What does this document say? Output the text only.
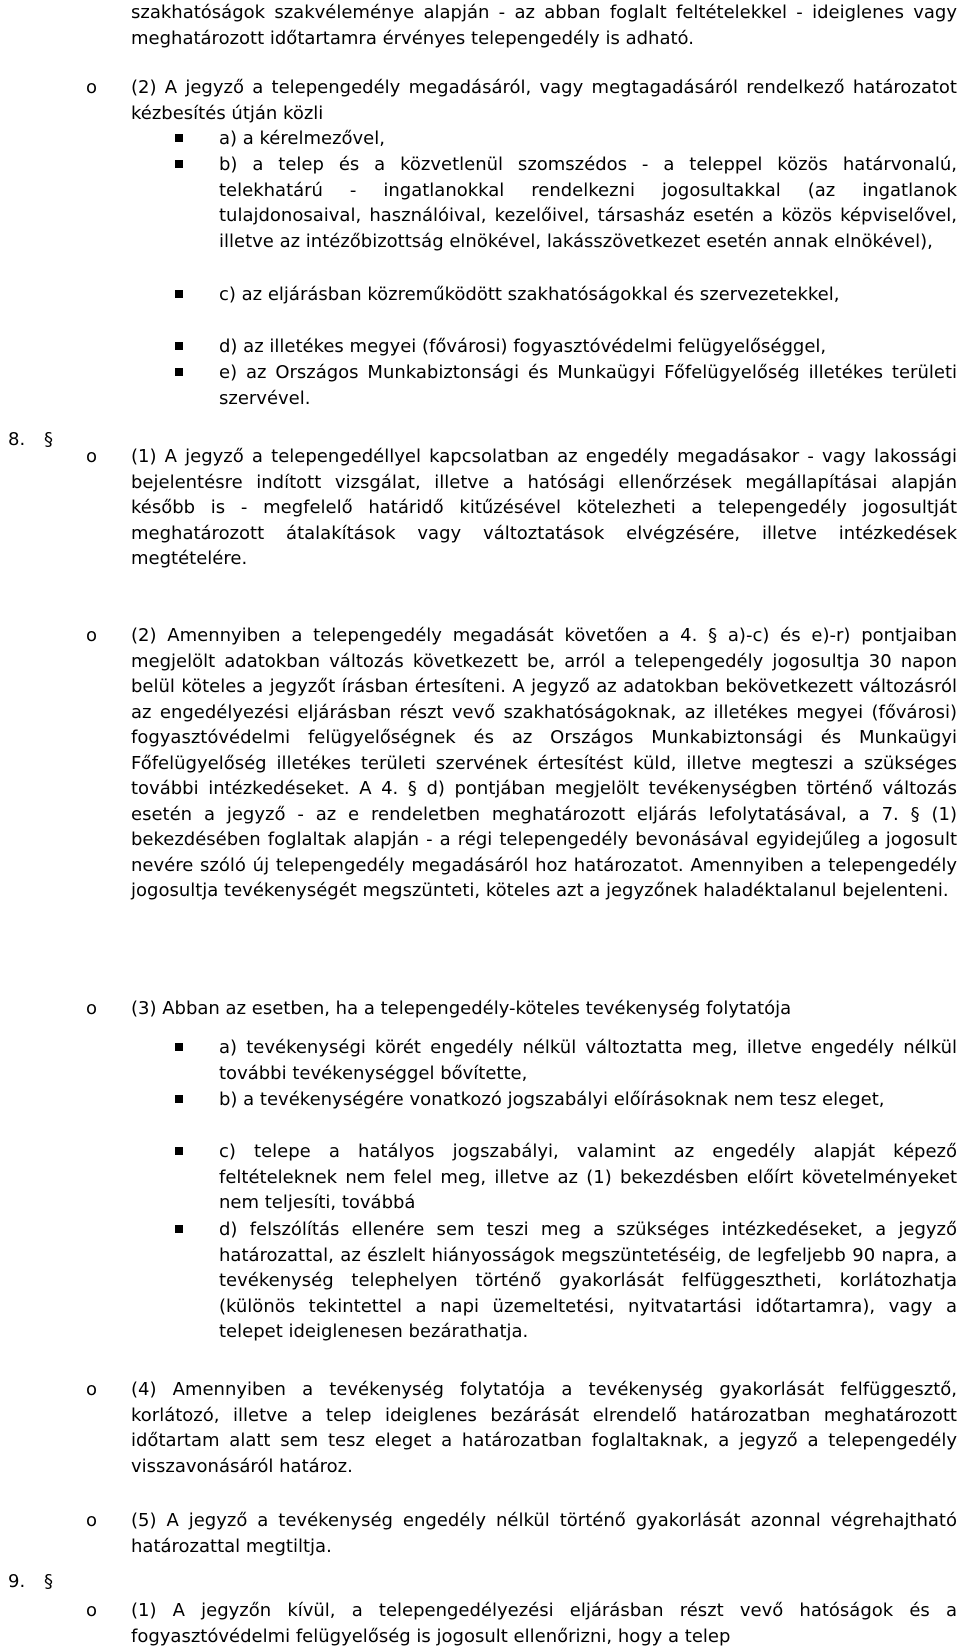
szakhatóságok szakvéleménye alapján - az abban foglalt feltételekkel - ideiglenes vagy meghatározott időtartamra érvényes telepengedély is adható.
o (2) A jegyző a telepengedély megadásáról, vagy megtagadásáról rendelkező határozatot kézbesítés útján közli
a) a kérelmezővel,
b) a telep és a közvetlenül szomszédos - a teleppel közös határvonalú, telekhatárú - ingatlanokkal rendelkezni jogosultakkal (az ingatlanok tulajdonosaival, használóival, kezelőivel, társasház esetén a közös képviselővel, illetve az intézőbizottság elnökével, lakásszövetkezet esetén annak elnökével),
c) az eljárásban közreműködött szakhatóságokkal és szervezetekkel,
d) az illetékes megyei (fővárosi) fogyasztóvédelmi felügyelőséggel,
e) az Országos Munkabiztonsági és Munkaügyi Főfelügyelőség illetékes területi szervével.
8. §
o (1) A jegyző a telepengedéllyel kapcsolatban az engedély megadásakor - vagy lakossági bejelentésre indított vizsgálat, illetve a hatósági ellenőrzések megállapításai alapján később is - megfelelő határidő kitűzésével kötelezheti a telepengedély jogosultját meghatározott átalakítások vagy változtatások elvégzésére, illetve intézkedések megtételére.
o (2) Amennyiben a telepengedély megadását követően a 4. § a)-c) és e)-r) pontjaiban megjelölt adatokban változás következett be, arról a telepengedély jogosultja 30 napon belül köteles a jegyzőt írásban értesíteni. A jegyző az adatokban bekövetkezett változásról az engedélyezési eljárásban részt vevő szakhatóságoknak, az illetékes megyei (fővárosi) fogyasztóvédelmi felügyelőségnek és az Országos Munkabiztonsági és Munkaügyi Főfelügyelőség illetékes területi szervének értesítést küld, illetve megteszi a szükséges további intézkedéseket. A 4. § d) pontjában megjelölt tevékenységben történő változás esetén a jegyző - az e rendeletben meghatározott eljárás lefolytatásával, a 7. § (1) bekezdésében foglaltak alapján - a régi telepengedély bevonásával egyidejűleg a jogosult nevére szóló új telepengedély megadásáról hoz határozatot. Amennyiben a telepengedély jogosultja tevékenységét megszünteti, köteles azt a jegyzőnek haladéktalanul bejelenteni.
o (3) Abban az esetben, ha a telepengedély-köteles tevékenység folytatója
a) tevékenységi körét engedély nélkül változtatta meg, illetve engedély nélkül további tevékenységgel bővítette,
b) a tevékenységére vonatkozó jogszabályi előírásoknak nem tesz eleget,
c) telepe a hatályos jogszabályi, valamint az engedély alapját képező feltételeknek nem felel meg, illetve az (1) bekezdésben előírt követelményeket nem teljesíti, továbbá
d) felszólítás ellenére sem teszi meg a szükséges intézkedéseket, a jegyző határozattal, az észlelt hiányosságok megszüntetéséig, de legfeljebb 90 napra, a tevékenység telephelyen történő gyakorlását felfüggesztheti, korlátozhatja (különös tekintettel a napi üzemeltetési, nyitvatartási időtartamra), vagy a telepet ideiglenesen bezárathatja.
o (4) Amennyiben a tevékenység folytatója a tevékenység gyakorlását felfüggesztő, korlátozó, illetve a telep ideiglenes bezárását elrendelő határozatban meghatározott időtartam alatt sem tesz eleget a határozatban foglaltaknak, a jegyző a telepengedély visszavonásáról határoz.
o (5) A jegyző a tevékenység engedély nélkül történő gyakorlását azonnal végrehajtható határozattal megtiltja.
9. §
o (1) A jegyzőn kívül, a telepengedélyezési eljárásban részt vevő hatóságok és a fogyasztóvédelmi felügyelőség is jogosult ellenőrizni, hogy a telep
